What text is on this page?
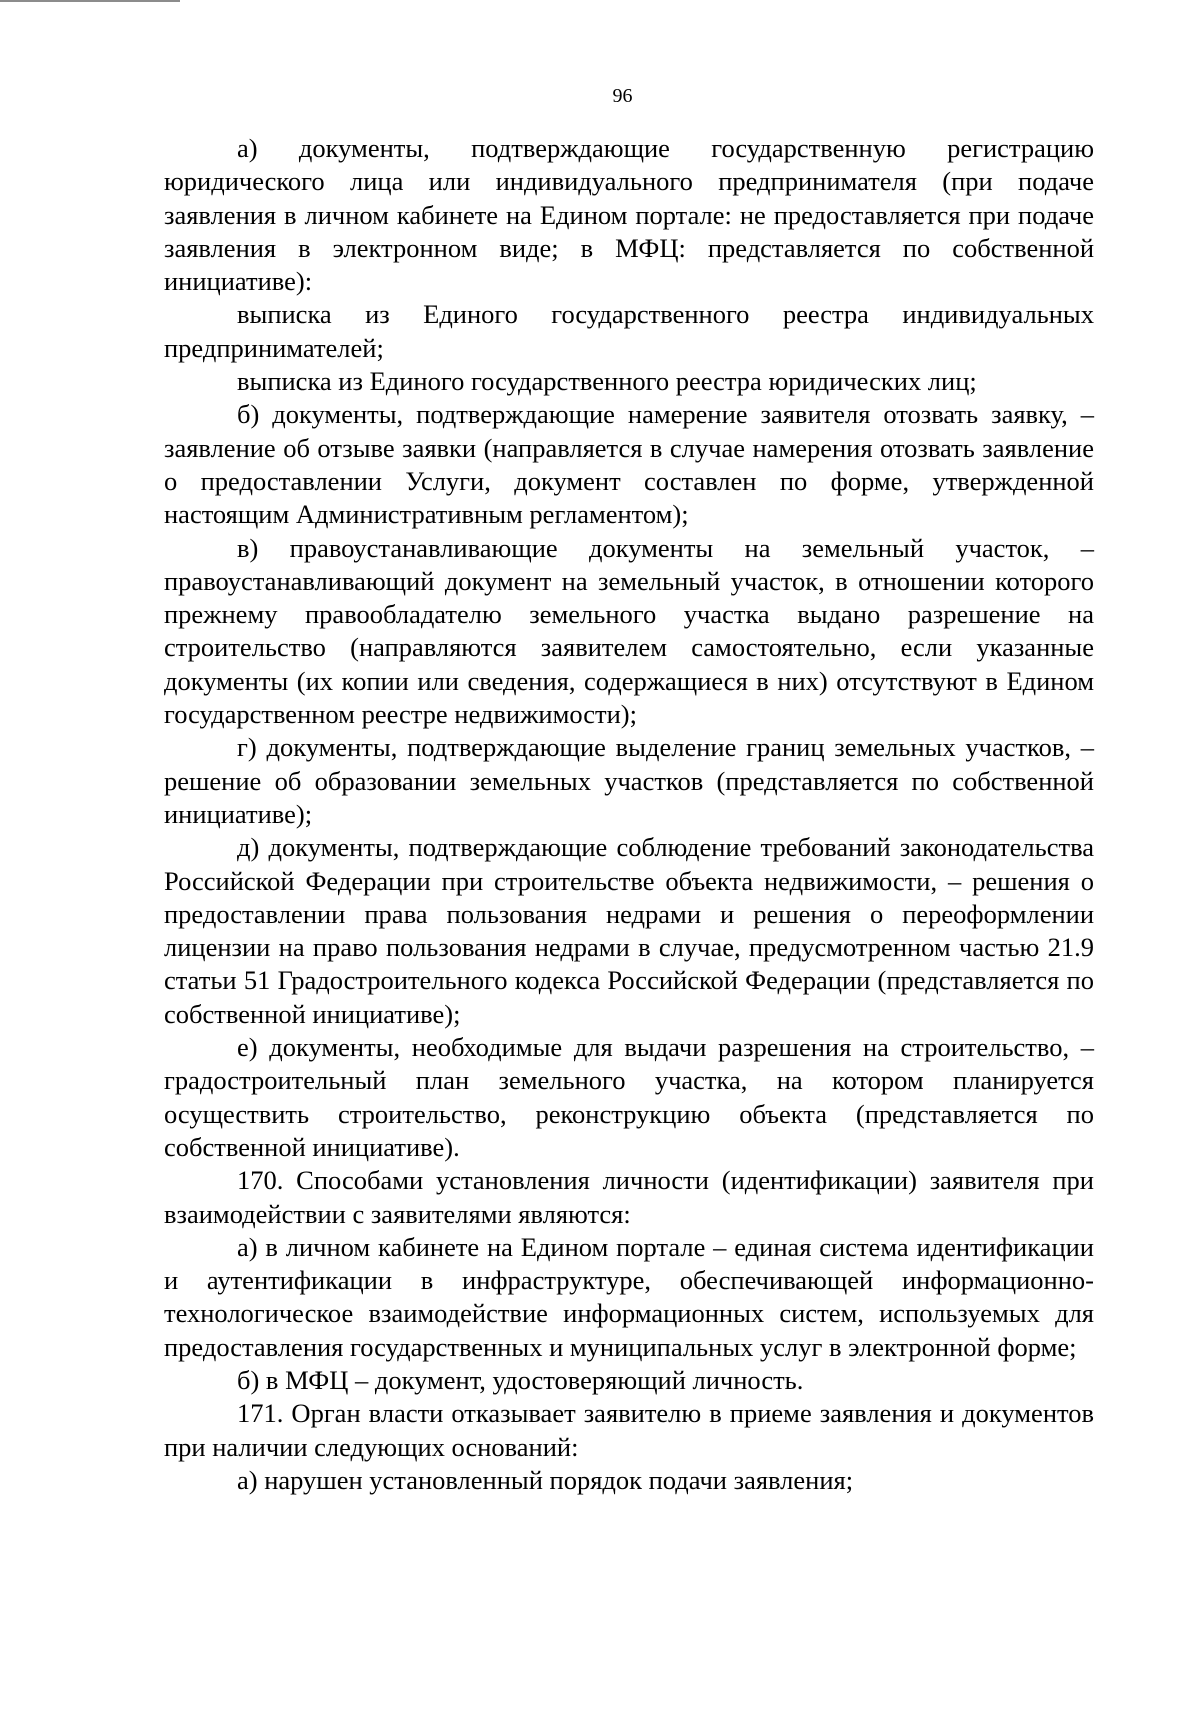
96

а) документы, подтверждающие государственную регистрацию юридического лица или индивидуального предпринимателя (при подаче заявления в личном кабинете на Едином портале: не предоставляется при подаче заявления в электронном виде; в МФЦ: представляется по собственной инициативе):

выписка из Единого государственного реестра индивидуальных предпринимателей;

выписка из Единого государственного реестра юридических лиц;

б) документы, подтверждающие намерение заявителя отозвать заявку, – заявление об отзыве заявки (направляется в случае намерения отозвать заявление о предоставлении Услуги, документ составлен по форме, утвержденной настоящим Административным регламентом);

в) правоустанавливающие документы на земельный участок, – правоустанавливающий документ на земельный участок, в отношении которого прежнему правообладателю земельного участка выдано разрешение на строительство (направляются заявителем самостоятельно, если указанные документы (их копии или сведения, содержащиеся в них) отсутствуют в Едином государственном реестре недвижимости);

г) документы, подтверждающие выделение границ земельных участков, – решение об образовании земельных участков (представляется по собственной инициативе);

д) документы, подтверждающие соблюдение требований законодательства Российской Федерации при строительстве объекта недвижимости, – решения о предоставлении права пользования недрами и решения о переоформлении лицензии на право пользования недрами в случае, предусмотренном частью 21.9 статьи 51 Градостроительного кодекса Российской Федерации (представляется по собственной инициативе);

е) документы, необходимые для выдачи разрешения на строительство, – градостроительный план земельного участка, на котором планируется осуществить строительство, реконструкцию объекта (представляется по собственной инициативе).

170. Способами установления личности (идентификации) заявителя при взаимодействии с заявителями являются:

а) в личном кабинете на Едином портале – единая система идентификации и аутентификации в инфраструктуре, обеспечивающей информационно-технологическое взаимодействие информационных систем, используемых для предоставления государственных и муниципальных услуг в электронной форме;

б) в МФЦ – документ, удостоверяющий личность.

171. Орган власти отказывает заявителю в приеме заявления и документов при наличии следующих оснований:

а) нарушен установленный порядок подачи заявления;
